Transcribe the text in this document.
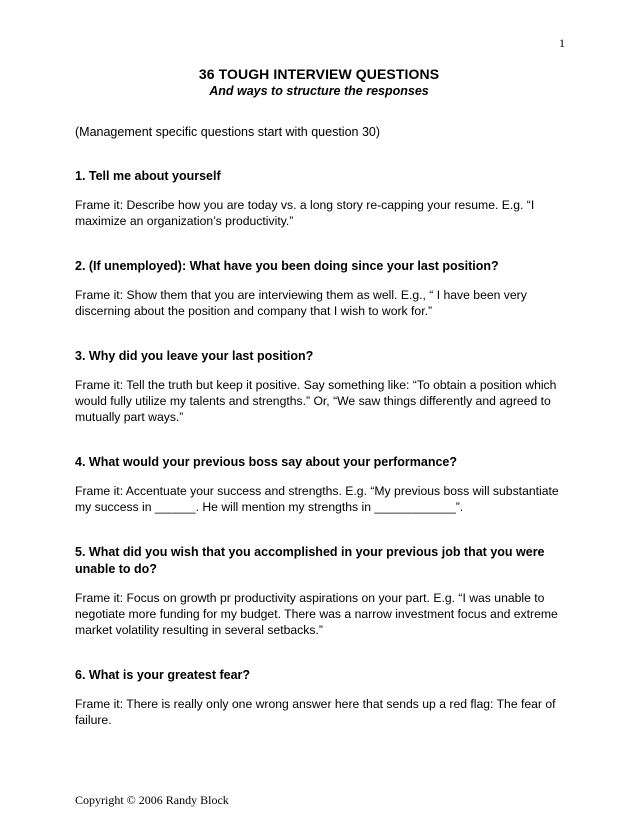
1
36 TOUGH INTERVIEW QUESTIONS
And ways to structure the responses
(Management specific questions start with question 30)

1. Tell me about yourself

Frame it: Describe how you are today vs. a long story re-capping your resume. E.g. “I maximize an organization’s productivity.”

2. (If unemployed): What have you been doing since your last position?

Frame it: Show them that you are interviewing them as well. E.g., “ I have been very discerning about the position and company that I wish to work for.”

3. Why did you leave your last position?

Frame it: Tell the truth but keep it positive. Say something like: “To obtain a position which would fully utilize my talents and strengths.” Or, “We saw things differently and agreed to mutually part ways.”

4. What would your previous boss say about your performance?

Frame it: Accentuate your success and strengths. E.g. “My previous boss will substantiate my success in ______. He will mention my strengths in ____________”.

5. What did you wish that you accomplished in your previous job that you were unable to do?

Frame it: Focus on growth pr productivity aspirations on your part. E.g. “I was unable to negotiate more funding for my budget. There was a narrow investment focus and extreme market volatility resulting in several setbacks.”

6. What is your greatest fear?

Frame it: There is really only one wrong answer here that sends up a red flag: The fear of failure.

Copyright © 2006 Randy Block
